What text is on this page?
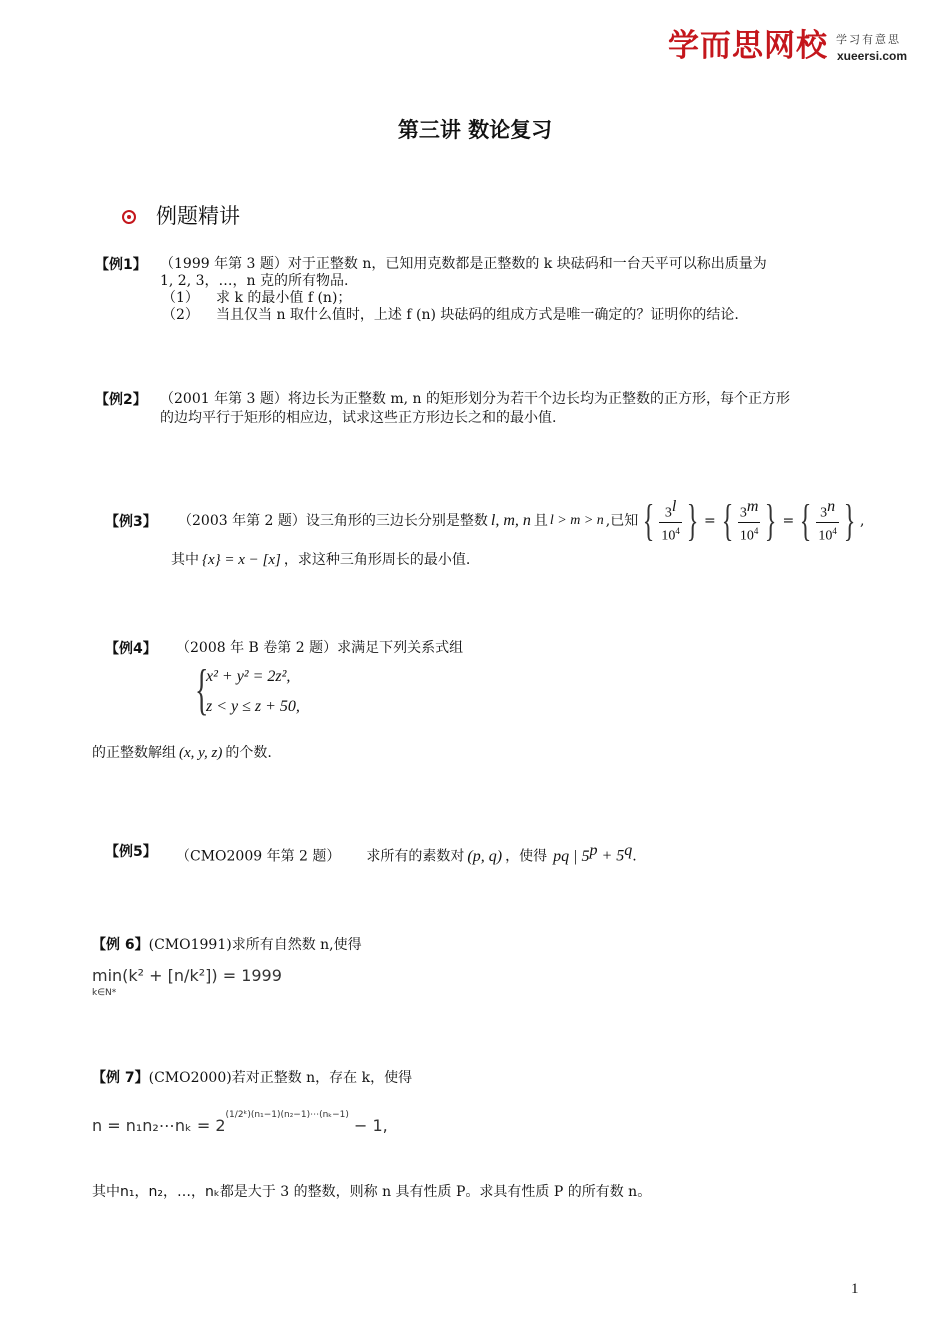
学而思网校 学习有意思
xueersi.com
第三讲 数论复习
例题精讲
【例1】 （1999 年第 3 题）对于正整数 n，已知用克数都是正整数的 k 块砝码和一台天平可以称出质量为
1, 2, 3，…，n 克的所有物品.
（1） 求 k 的最小值 f (n)；
（2） 当且仅当 n 取什么值时，上述 f (n) 块砝码的组成方式是唯一确定的？证明你的结论.
【例2】 （2001 年第 3 题）将边长为正整数 m, n 的矩形划分为若干个边长均为正整数的正方形，每个正方形
的边均平行于矩形的相应边，试求这些正方形边长之和的最小值.
【例3】 （2003 年第 2 题）设三角形的三边长分别是整数 l, m, n 且 l > m > n ,已知 { $\frac{3^l}{10^4}$ } = { $\frac{3^m}{10^4}$ } = { $\frac{3^n}{10^4}$ } ,
其中 {x} = x − [x] ，求这种三角形周长的最小值.
【例4】 （2008 年 B 卷第 2 题）求满足下列关系式组
{
x² + y² = 2z²,
z < y ≤ z + 50,
的正整数解组 (x, y, z) 的个数.
【例5】 （CMO2009 年第 2 题） 求所有的素数对 (p, q) ，使得 pq | $5^p + 5^q$.
【例 6】(CMO1991)求所有自然数 n,使得
min(k² + [n/k²]) = 1999
k∈N*
【例 7】(CMO2000)若对正整数 n，存在 k，使得
n = n₁n₂⋯nₖ = $2^{(1/2ᵏ)(n_1-1)(n_2-1)\cdots(n_k-1)} - 1$,
其中n₁，n₂，…，nₖ都是大于 3 的整数，则称 n 具有性质 P。求具有性质 P 的所有数 n。
1
